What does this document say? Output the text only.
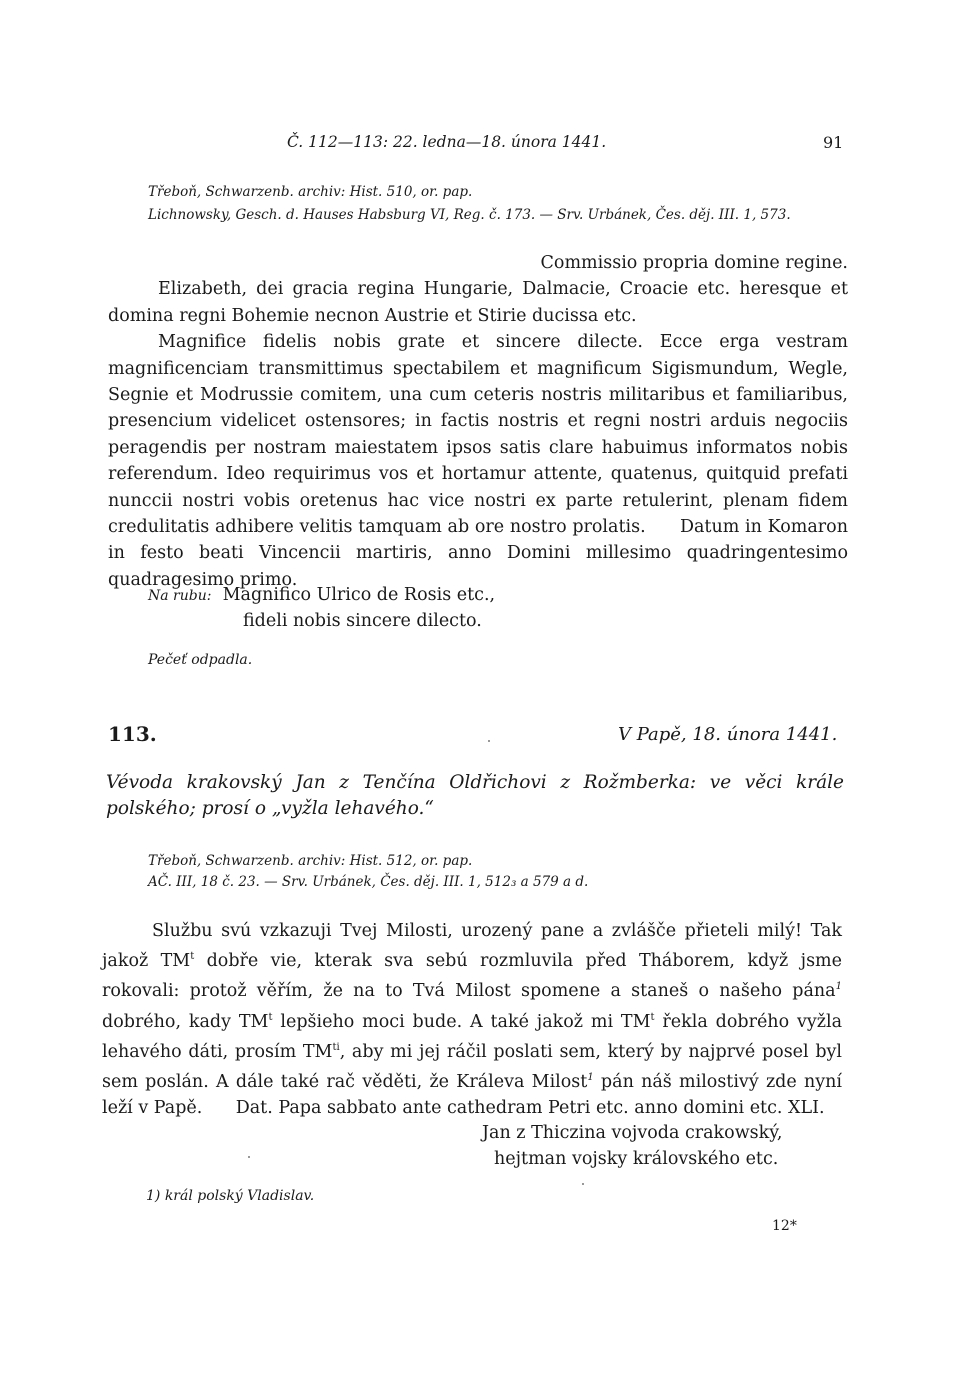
Č. 112—113: 22. ledna—18. února 1441.	91
Třeboň, Schwarzenb. archiv: Hist. 510, or. pap.
Lichnowsky, Gesch. d. Hauses Habsburg VI, Reg. č. 173. — Srv. Urbánek, Čes. děj. III. 1, 573.

Commissio propria domine regine.

Elizabeth, dei gracia regina Hungarie, Dalmacie, Croacie etc. heresque et domina regni Bohemie necnon Austrie et Stirie ducissa etc.

Magnifice fidelis nobis grate et sincere dilecte. Ecce erga vestram magnificenciam transmittimus spectabilem et magnificum Sigismundum, Wegle, Segnie et Modrussie comitem, una cum ceteris nostris militaribus et familiaribus, presencium videlicet ostensores; in factis nostris et regni nostri arduis negociis peragendis per nostram maiestatem ipsos satis clare habuimus informatos nobis referendum. Ideo requirimus vos et hortamur attente, quatenus, quitquid prefati nunccii nostri vobis oretenus hac vice nostri ex parte retulerint, plenam fidem credulitatis adhibere velitis tamquam ab ore nostro prolatis. Datum in Komaron in festo beati Vincencii martiris, anno Domini millesimo quadringentesimo quadragesimo primo.

Na rubu: Magnifico Ulrico de Rosis etc.,
fideli nobis sincere dilecto.
Pečeť odpadla.
113.	V Papě, 18. února 1441.
Vévoda krakovský Jan z Tenčína Oldřichovi z Rožmberka: ve věci krále polského; prosí o „vyžla lehavého.“
Třeboň, Schwarzenb. archiv: Hist. 512, or. pap.
AČ. III, 18 č. 23. — Srv. Urbánek, Čes. děj. III. 1, 512₃ a 579 a d.

Službu svú vzkazuji Tvej Milosti, urozený pane a zvláščе přieteli milý! Tak jakož $TM^t$ dobře vie, kterak sva sebú rozmluvila před Tháborem, když jsme rokovali: protož věřím, že na to Tvá Milost spomene a staneš o našeho pána$^1$ dobrého, kady $TM^t$ lepšieho moci bude. A také jakož mi $TM^t$ řekla dobrého vyžla lehavého dáti, prosím $TM^{ti}$, aby mi jej ráčil poslati sem, který by najprvé posel byl sem poslán. A dále také rač věděti, že Králeva Milost$^1$ pán náš milostivý zde nyní leží v Papě. Dat. Papa sabbato ante cathedram Petri etc. anno domini etc. XLI.

Jan z Thiczina vojvoda crakowský,
hejtman vojsky královského etc.
1) král polský Vladislav.
12*
